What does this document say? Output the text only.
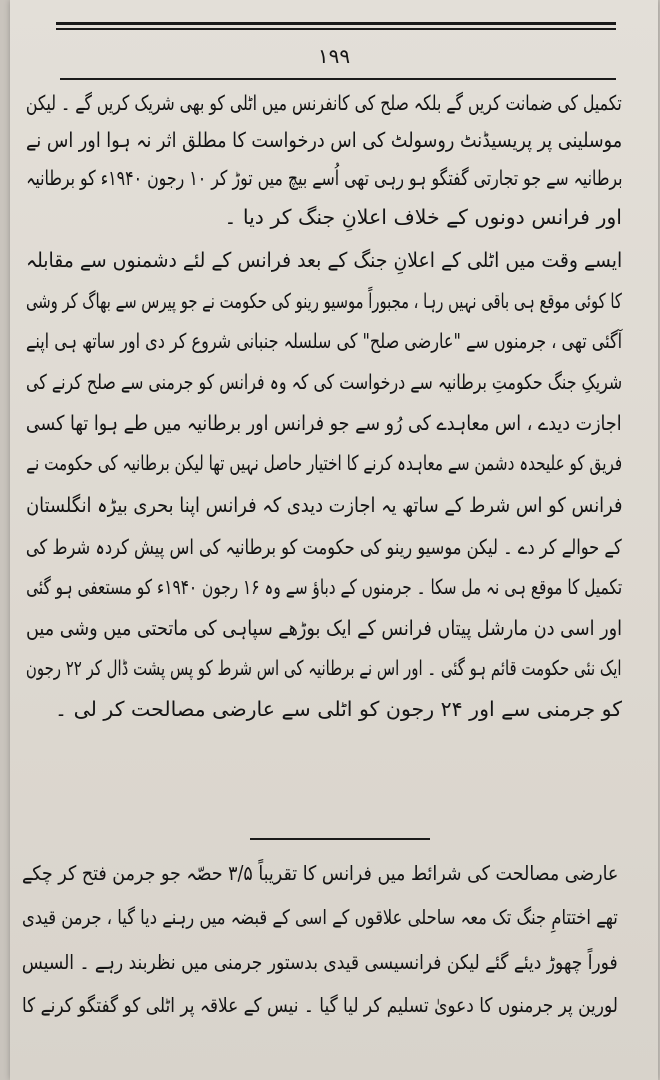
۱۹۹
تکمیل کی ضمانت کریں گے بلکہ صلح کی کانفرنس میں اٹلی کو بھی شریک کریں گے ۔ لیکن
موسلینی پر پریسیڈنٹ روسولٹ کی اس درخواست کا مطلق اثر نہ ہوا اور اس نے
برطانیہ سے جو تجارتی گفتگو ہو رہی تھی اُسے بیچ میں توڑ کر ۱۰ رجون ۱۹۴۰ء کو برطانیہ
اور فرانس دونوں کے خلاف اعلانِ جنگ کر دیا ۔
ایسے وقت میں اٹلی کے اعلانِ جنگ کے بعد فرانس کے لئے دشمنوں سے مقابلہ
کا کوئی موقع ہی باقی نہیں رہا ، مجبوراً موسیو رینو کی حکومت نے جو پیرس سے بھاگ کر وشی
آگئی تھی ، جرمنوں سے "عارضی صلح" کی سلسلہ جنبانی شروع کر دی اور ساتھ ہی اپنے
شریکِ جنگ حکومتِ برطانیہ سے درخواست کی کہ وہ فرانس کو جرمنی سے صلح کرنے کی
اجازت دیدے ، اس معاہدے کی رُو سے جو فرانس اور برطانیہ میں طے ہوا تھا کسی
فریق کو علیحدہ دشمن سے معاہدہ کرنے کا اختیار حاصل نہیں تھا لیکن برطانیہ کی حکومت نے
فرانس کو اس شرط کے ساتھ یہ اجازت دیدی کہ فرانس اپنا بحری بیڑہ انگلستان
کے حوالے کر دے ۔ لیکن موسیو رینو کی حکومت کو برطانیہ کی اس پیش کردہ شرط کی
تکمیل کا موقع ہی نہ مل سکا ۔ جرمنوں کے دباؤ سے وہ ۱۶ رجون ۱۹۴۰ء کو مستعفی ہو گئی
اور اسی دن مارشل پیتاں فرانس کے ایک بوڑھے سپاہی کی ماتحتی میں وشی میں
ایک نئی حکومت قائم ہو گئی ۔ اور اس نے برطانیہ کی اس شرط کو پس پشت ڈال کر ۲۲ رجون
کو جرمنی سے اور ۲۴ رجون کو اٹلی سے عارضی مصالحت کر لی ۔
عارضی مصالحت کی شرائط میں فرانس کا تقریباً ۳/۵ حصّہ جو جرمن فتح کر چکے
تھے اختتامِ جنگ تک معہ ساحلی علاقوں کے اسی کے قبضہ میں رہنے دیا گیا ، جرمن قیدی
فوراً چھوڑ دیئے گئے لیکن فرانسیسی قیدی بدستور جرمنی میں نظربند رہے ۔ السیس
لورین پر جرمنوں کا دعویٰ تسلیم کر لیا گیا ۔ نیس کے علاقہ پر اٹلی کو گفتگو کرنے کا
